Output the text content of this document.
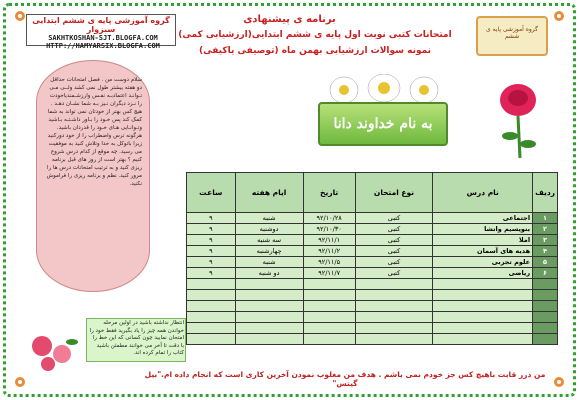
برنامه ی پیشنهادی
امتحانات کتبی نوبت اول پایه ی ششم ابتدایی(ارزشیابی کمی)
نمونه سوالات ارزشیابی بهمن ماه (توصیفی یاکیفی)
گروه آموزشی پایه ی ششم ابتدایی سبزوار
SAKHTKOSHAN-SJT.BLOGFA.COM
HTTP://HAMYARSIX.BLOGFA.COM
گروه آموزشی پایه ی ششم
به نام خداوند دانا
سلام دوست من . فصل امتحانات حداقل دو هفته بیشتر طول نمی کشد ولــی مـی تـوانـد اعتمادبـه نفـس وارزشـمندیاخودت را نـزد دیگران نـیز بـه شما نشـان دهـد . هیچ کس بهتر از خودتان نمی تواند به شما کمک کند پس خـود را بـاور داشـتـه بـاشید وتـوانـایی هـای خـود را قدردان باشید. هرگونه ترس واضطراب را از خود دورکنید زیرا باتوکل به خدا وتلاش کنید به موفقیت می رسید. چه موقع از کدام درس شروع کنیم ؟ بهتر است از روز های قبل برنامه ریزی کنید و به ترتیب امتحانات درس ها را مرور کنید. نظم و برنامه ریزی را فراموش نکنید.
انتظار نداشته باشید در اولین مرحله خواندن همه چیز را یاد بگیرید فقط خود را امتحان نمایید چون کسانی که این خط را با دقت تا آخر می خوانند مطمئن باشید کتاب را تمام کرده اند.
ردیف	نام درس	نوع امتحان	تاریخ	ایام هفته	ساعت
۱	اجتماعی	کتبی	۹۲/۱۰/۲۸	شنبه	۹
۲	بنویسیم وانشا	کتبی	۹۲/۱۰/۳۰	دوشنبه	۹
۳	املا	کتبی	۹۲/۱۱/۱	سه شنبه	۹
۴	هدیه های آسمان	کتبی	۹۲/۱۱/۲	چهارشنبه	۹
۵	علوم تجربی	کتبی	۹۲/۱۱/۵	شنبه	۹
۶	ریاضی	کتبی	۹۲/۱۱/۷	دو شنبه	۹

من درر قابت باهیچ کس جز خودم نمی باشم . هدف من مغلوب نمودن آخرین کاری است که انجام داده ام."بیل گیتس"
